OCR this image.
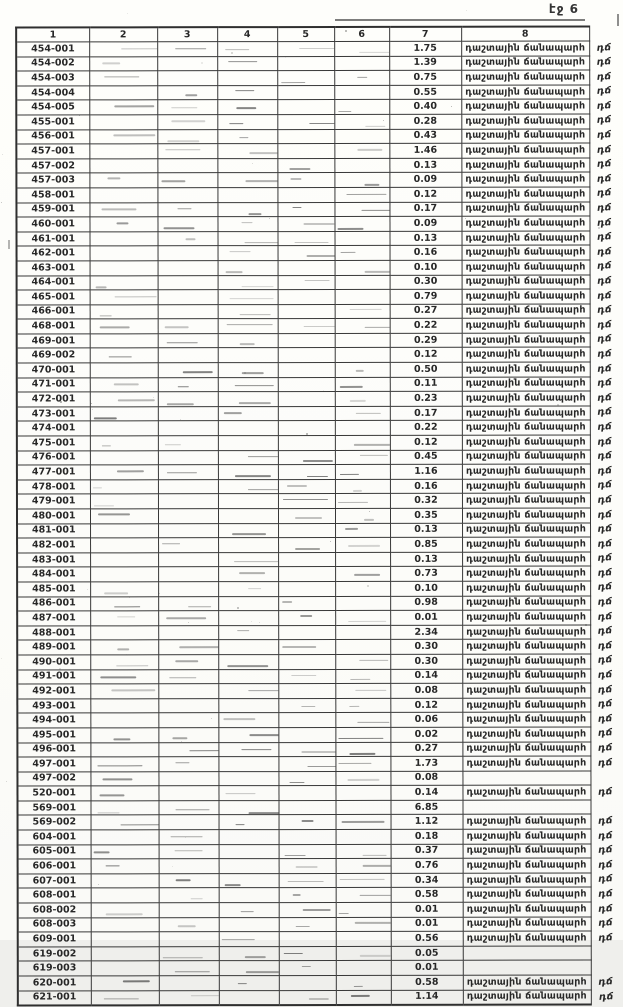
էջ 6
1	2	3	4	5	6	7	8	
454-001						1.75	դաշտային ճանապարհ	դճ
454-002						1.39	դաշտային ճանապարհ	դճ
454-003						0.75	դաշտային ճանապարհ	դճ
454-004						0.55	դաշտային ճանապարհ	դճ
454-005						0.40	դաշտային ճանապարհ	դճ
455-001						0.28	դաշտային ճանապարհ	դճ
456-001						0.43	դաշտային ճանապարհ	դճ
457-001						1.46	դաշտային ճանապարհ	դճ
457-002						0.13	դաշտային ճանապարհ	դճ
457-003						0.09	դաշտային ճանապարհ	դճ
458-001						0.12	դաշտային ճանապարհ	դճ
459-001						0.17	դաշտային ճանապարհ	դճ
460-001						0.09	դաշտային ճանապարհ	դճ
461-001						0.13	դաշտային ճանապարհ	դճ
462-001						0.16	դաշտային ճանապարհ	դճ
463-001						0.10	դաշտային ճանապարհ	դճ
464-001						0.30	դաշտային ճանապարհ	դճ
465-001						0.79	դաշտային ճանապարհ	դճ
466-001						0.27	դաշտային ճանապարհ	դճ
468-001						0.22	դաշտային ճանապարհ	դճ
469-001						0.29	դաշտային ճանապարհ	դճ
469-002						0.12	դաշտային ճանապարհ	դճ
470-001						0.50	դաշտային ճանապարհ	դճ
471-001						0.11	դաշտային ճանապարհ	դճ
472-001						0.23	դաշտային ճանապարհ	դճ
473-001						0.17	դաշտային ճանապարհ	դճ
474-001						0.22	դաշտային ճանապարհ	դճ
475-001						0.12	դաշտային ճանապարհ	դճ
476-001						0.45	դաշտային ճանապարհ	դճ
477-001						1.16	դաշտային ճանապարհ	դճ
478-001						0.16	դաշտային ճանապարհ	դճ
479-001						0.32	դաշտային ճանապարհ	դճ
480-001						0.35	դաշտային ճանապարհ	դճ
481-001						0.13	դաշտային ճանապարհ	դճ
482-001						0.85	դաշտային ճանապարհ	դճ
483-001						0.13	դաշտային ճանապարհ	դճ
484-001						0.73	դաշտային ճանապարհ	դճ
485-001						0.10	դաշտային ճանապարհ	դճ
486-001						0.98	դաշտային ճանապարհ	դճ
487-001						0.01	դաշտային ճանապարհ	դճ
488-001						2.34	դաշտային ճանապարհ	դճ
489-001						0.30	դաշտային ճանապարհ	դճ
490-001						0.30	դաշտային ճանապարհ	դճ
491-001						0.14	դաշտային ճանապարհ	դճ
492-001						0.08	դաշտային ճանապարհ	դճ
493-001						0.12	դաշտային ճանապարհ	դճ
494-001						0.06	դաշտային ճանապարհ	դճ
495-001						0.02	դաշտային ճանապարհ	դճ
496-001						0.27	դաշտային ճանապարհ	դճ
497-001						1.73	դաշտային ճանապարհ	դճ
497-002						0.08		
520-001						0.14	դաշտային ճանապարհ	դճ
569-001						6.85		
569-002						1.12	դաշտային ճանապարհ	դճ
604-001						0.18	դաշտային ճանապարհ	դճ
605-001						0.37	դաշտային ճանապարհ	դճ
606-001						0.76	դաշտային ճանապարհ	դճ
607-001						0.34	դաշտային ճանապարհ	դճ
608-001						0.58	դաշտային ճանապարհ	դճ
608-002						0.01	դաշտային ճանապարհ	դճ
608-003						0.01	դաշտային ճանապարհ	դճ
609-001						0.56	դաշտային ճանապարհ	դճ
619-002						0.05		
619-003						0.01		
620-001						0.58	դաշտային ճանապարհ	դճ
621-001						1.14	դաշտային ճանապարհ	դճ
